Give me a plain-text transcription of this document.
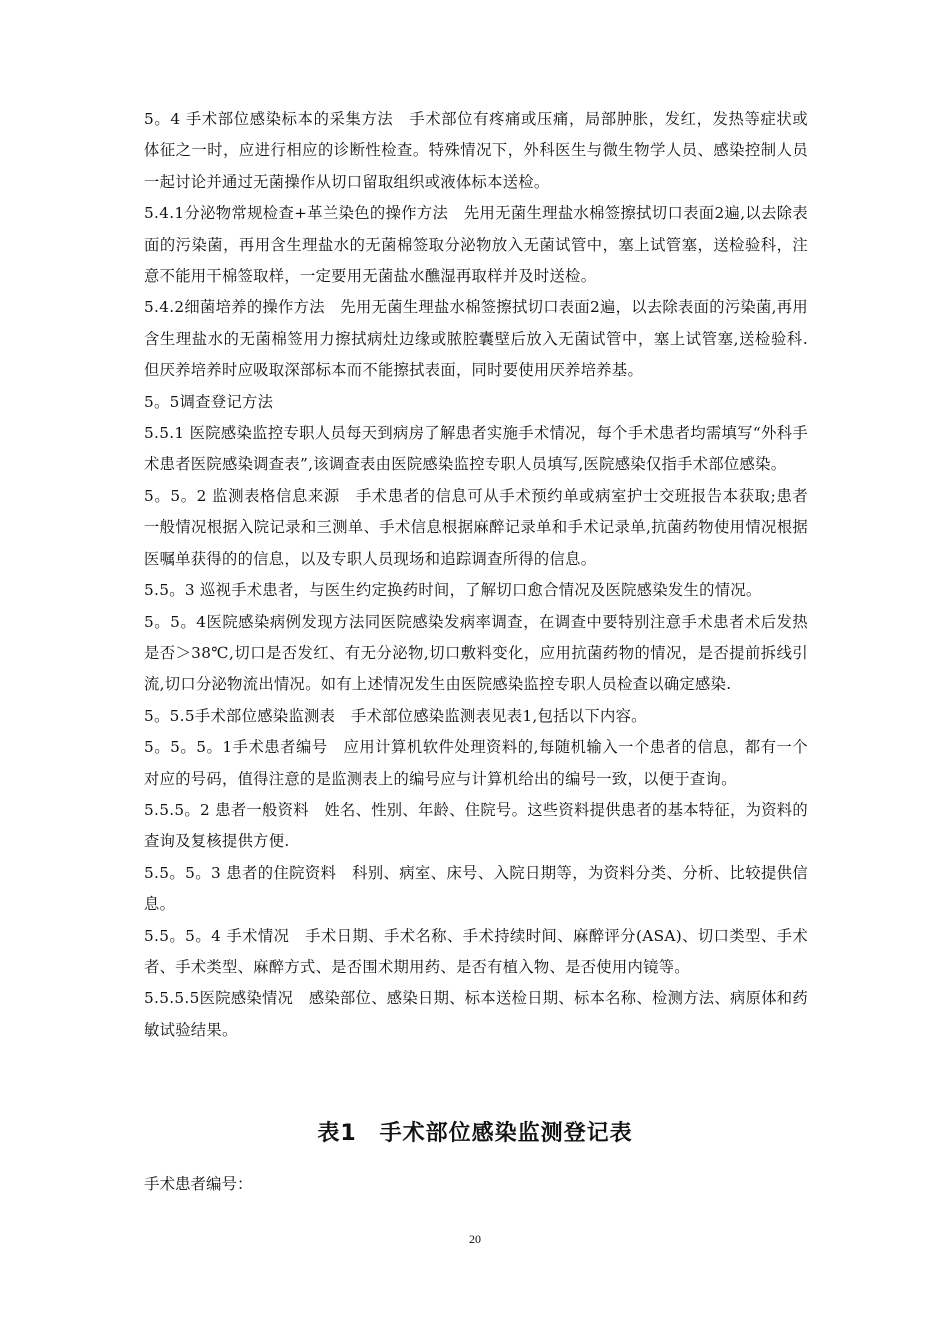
5。4 手术部位感染标本的采集方法　手术部位有疼痛或压痛，局部肿胀，发红，发热等症状或体征之一时，应进行相应的诊断性检查。特殊情况下，外科医生与微生物学人员、感染控制人员一起讨论并通过无菌操作从切口留取组织或液体标本送检。

5.4.1分泌物常规检查+革兰染色的操作方法　先用无菌生理盐水棉签擦拭切口表面2遍,以去除表面的污染菌，再用含生理盐水的无菌棉签取分泌物放入无菌试管中，塞上试管塞，送检验科，注意不能用干棉签取样，一定要用无菌盐水醮湿再取样并及时送检。

5.4.2细菌培养的操作方法　先用无菌生理盐水棉签擦拭切口表面2遍，以去除表面的污染菌,再用含生理盐水的无菌棉签用力擦拭病灶边缘或脓腔囊壁后放入无菌试管中，塞上试管塞,送检验科.但厌养培养时应吸取深部标本而不能擦拭表面，同时要使用厌养培养基。

5。5调查登记方法

5.5.1 医院感染监控专职人员每天到病房了解患者实施手术情况，每个手术患者均需填写“外科手术患者医院感染调查表”,该调查表由医院感染监控专职人员填写,医院感染仅指手术部位感染。

5。5。2 监测表格信息来源　手术患者的信息可从手术预约单或病室护士交班报告本获取;患者一般情况根据入院记录和三测单、手术信息根据麻醉记录单和手术记录单,抗菌药物使用情况根据医嘱单获得的的信息，以及专职人员现场和追踪调查所得的信息。

5.5。3 巡视手术患者，与医生约定换药时间，了解切口愈合情况及医院感染发生的情况。

5。5。4医院感染病例发现方法同医院感染发病率调查，在调查中要特别注意手术患者术后发热是否＞38℃,切口是否发红、有无分泌物,切口敷料变化，应用抗菌药物的情况，是否提前拆线引流,切口分泌物流出情况。如有上述情况发生由医院感染监控专职人员检查以确定感染.

5。5.5手术部位感染监测表　手术部位感染监测表见表1,包括以下内容。

5。5。5。1手术患者编号　应用计算机软件处理资料的,每随机输入一个患者的信息，都有一个对应的号码，值得注意的是监测表上的编号应与计算机给出的编号一致，以便于查询。

5.5.5。2 患者一般资料　姓名、性别、年龄、住院号。这些资料提供患者的基本特征，为资料的查询及复核提供方便.

5.5。5。3 患者的住院资料　科别、病室、床号、入院日期等，为资料分类、分析、比较提供信息。

5.5。5。4 手术情况　手术日期、手术名称、手术持续时间、麻醉评分(ASA)、切口类型、手术者、手术类型、麻醉方式、是否围术期用药、是否有植入物、是否使用内镜等。

5.5.5.5医院感染情况　感染部位、感染日期、标本送检日期、标本名称、检测方法、病原体和药敏试验结果。

表1　手术部位感染监测登记表
手术患者编号：
20
